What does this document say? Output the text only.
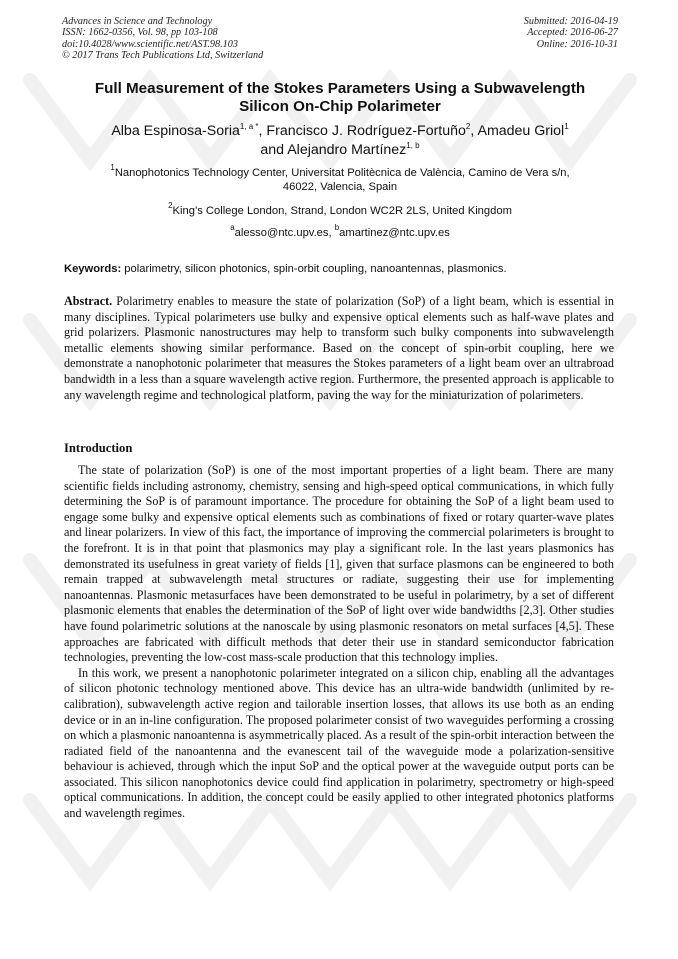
Advances in Science and Technology
ISSN: 1662-0356, Vol. 98, pp 103-108
doi:10.4028/www.scientific.net/AST.98.103
© 2017 Trans Tech Publications Ltd, Switzerland
Submitted: 2016-04-19
Accepted: 2016-06-27
Online: 2016-10-31
Full Measurement of the Stokes Parameters Using a Subwavelength
Silicon On-Chip Polarimeter
Alba Espinosa-Soria$^{1, a *}$, Francisco J. Rodríguez-Fortuño$^2$, Amadeu Griol$^1$
and Alejandro Martínez$^{1, b}$
$^1$Nanophotonics Technology Center, Universitat Politècnica de València, Camino de Vera s/n,
46022, Valencia, Spain
$^2$King’s College London, Strand, London WC2R 2LS, United Kingdom
$^a$alesso@ntc.upv.es, $^b$amartinez@ntc.upv.es
Keywords: polarimetry, silicon photonics, spin-orbit coupling, nanoantennas, plasmonics.

Abstract. Polarimetry enables to measure the state of polarization (SoP) of a light beam, which is essential in many disciplines. Typical polarimeters use bulky and expensive optical elements such as half-wave plates and grid polarizers. Plasmonic nanostructures may help to transform such bulky components into subwavelength metallic elements showing similar performance. Based on the concept of spin-orbit coupling, here we demonstrate a nanophotonic polarimeter that measures the Stokes parameters of a light beam over an ultrabroad bandwidth in a less than a square wavelength active region. Furthermore, the presented approach is applicable to any wavelength regime and technological platform, paving the way for the miniaturization of polarimeters.

Introduction

The state of polarization (SoP) is one of the most important properties of a light beam. There are many scientific fields including astronomy, chemistry, sensing and high-speed optical communications, in which fully determining the SoP is of paramount importance. The procedure for obtaining the SoP of a light beam used to engage some bulky and expensive optical elements such as combinations of fixed or rotary quarter-wave plates and linear polarizers. In view of this fact, the importance of improving the commercial polarimeters is brought to the forefront. It is in that point that plasmonics may play a significant role. In the last years plasmonics has demonstrated its usefulness in great variety of fields [1], given that surface plasmons can be engineered to both remain trapped at subwavelength metal structures or radiate, suggesting their use for implementing nanoantennas. Plasmonic metasurfaces have been demonstrated to be useful in polarimetry, by a set of different plasmonic elements that enables the determination of the SoP of light over wide bandwidths [2,3]. Other studies have found polarimetric solutions at the nanoscale by using plasmonic resonators on metal surfaces [4,5]. These approaches are fabricated with difficult methods that deter their use in standard semiconductor fabrication technologies, preventing the low-cost mass-scale production that this technology implies.

In this work, we present a nanophotonic polarimeter integrated on a silicon chip, enabling all the advantages of silicon photonic technology mentioned above. This device has an ultra-wide bandwidth (unlimited by re-calibration), subwavelength active region and tailorable insertion losses, that allows its use both as an ending device or in an in-line configuration. The proposed polarimeter consist of two waveguides performing a crossing on which a plasmonic nanoantenna is asymmetrically placed. As a result of the spin-orbit interaction between the radiated field of the nanoantenna and the evanescent tail of the waveguide mode a polarization-sensitive behaviour is achieved, through which the input SoP and the optical power at the waveguide output ports can be associated. This silicon nanophotonics device could find application in polarimetry, spectrometry or high-speed optical communications. In addition, the concept could be easily applied to other integrated photonics platforms and wavelength regimes.
